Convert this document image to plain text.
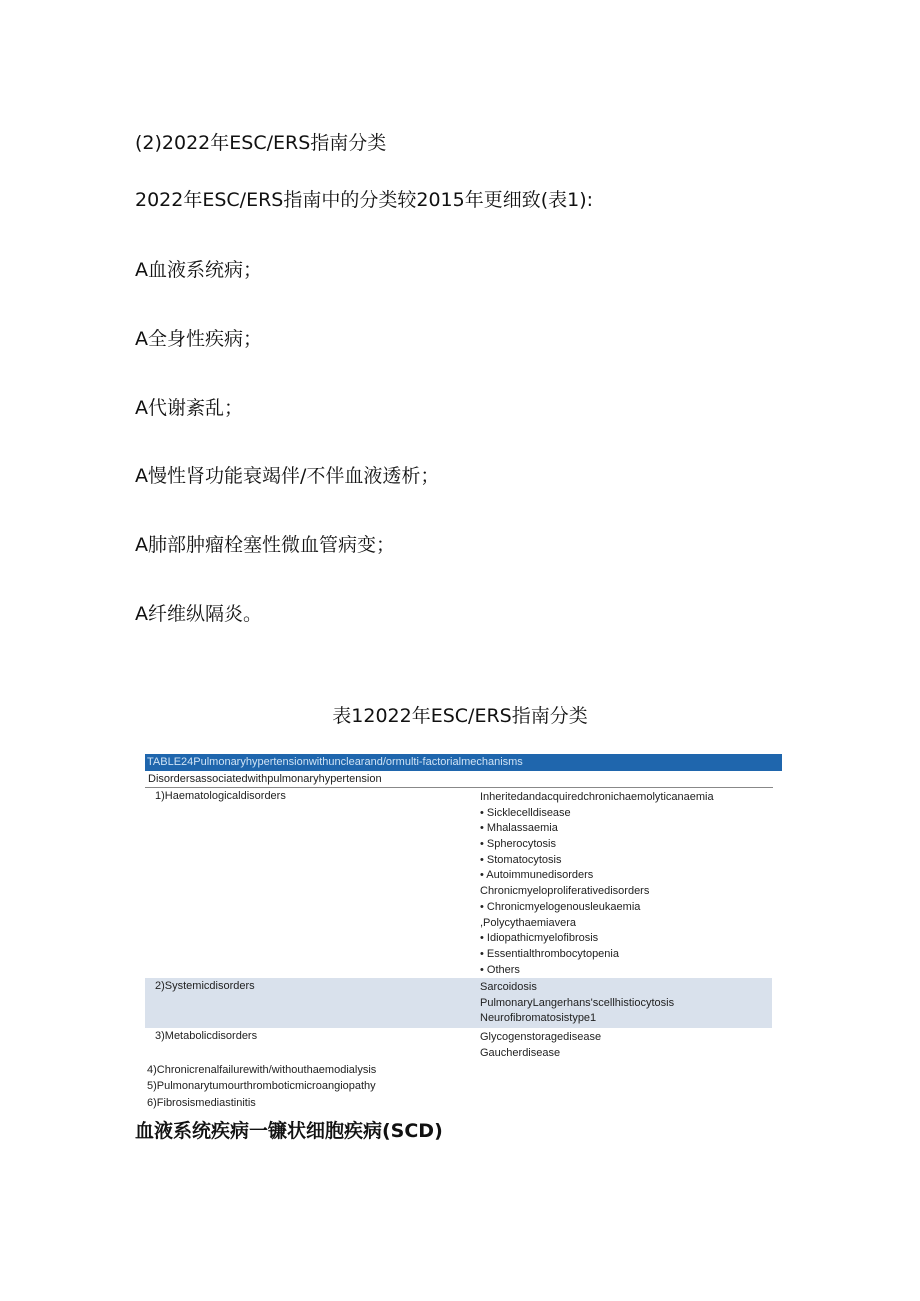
(2)2022年ESC/ERS指南分类
2022年ESC/ERS指南中的分类较2015年更细致(表1):
A血液系统病；
A全身性疾病；
A代谢紊乱；
A慢性肾功能衰竭伴/不伴血液透析；
A肺部肿瘤栓塞性微血管病变；
A纤维纵隔炎。
表12022年ESC/ERS指南分类
TABLE24Pulmonaryhypertensionwithunclearand/ormulti-factorialmechanisms
Disordersassociatedwithpulmonaryhypertension
1)Haematologicaldisorders	Inheritedandacquiredchronichaemolyticanaemia
• Sicklecelldisease
• Mhalassaemia
• Spherocytosis
• Stomatocytosis
• Autoimmunedisorders
Chronicmyeloproliferativedisorders
• Chronicmyelogenousleukaemia
,Polycythaemiavera
• Idiopathicmyelofibrosis
• Essentialthrombocytopenia
• Others
2)Systemicdisorders	Sarcoidosis
PulmonaryLangerhans'scellhistiocytosis
Neurofibromatosistype1
3)Metabolicdisorders	Glycogenstoragedisease
Gaucherdisease
4)Chronicrenalfailurewith/withouthaemodialysis
5)Pulmonarytumourthromboticmicroangiopathy
6)Fibrosismediastinitis
血液系统疾病一镰状细胞疾病(SCD)
